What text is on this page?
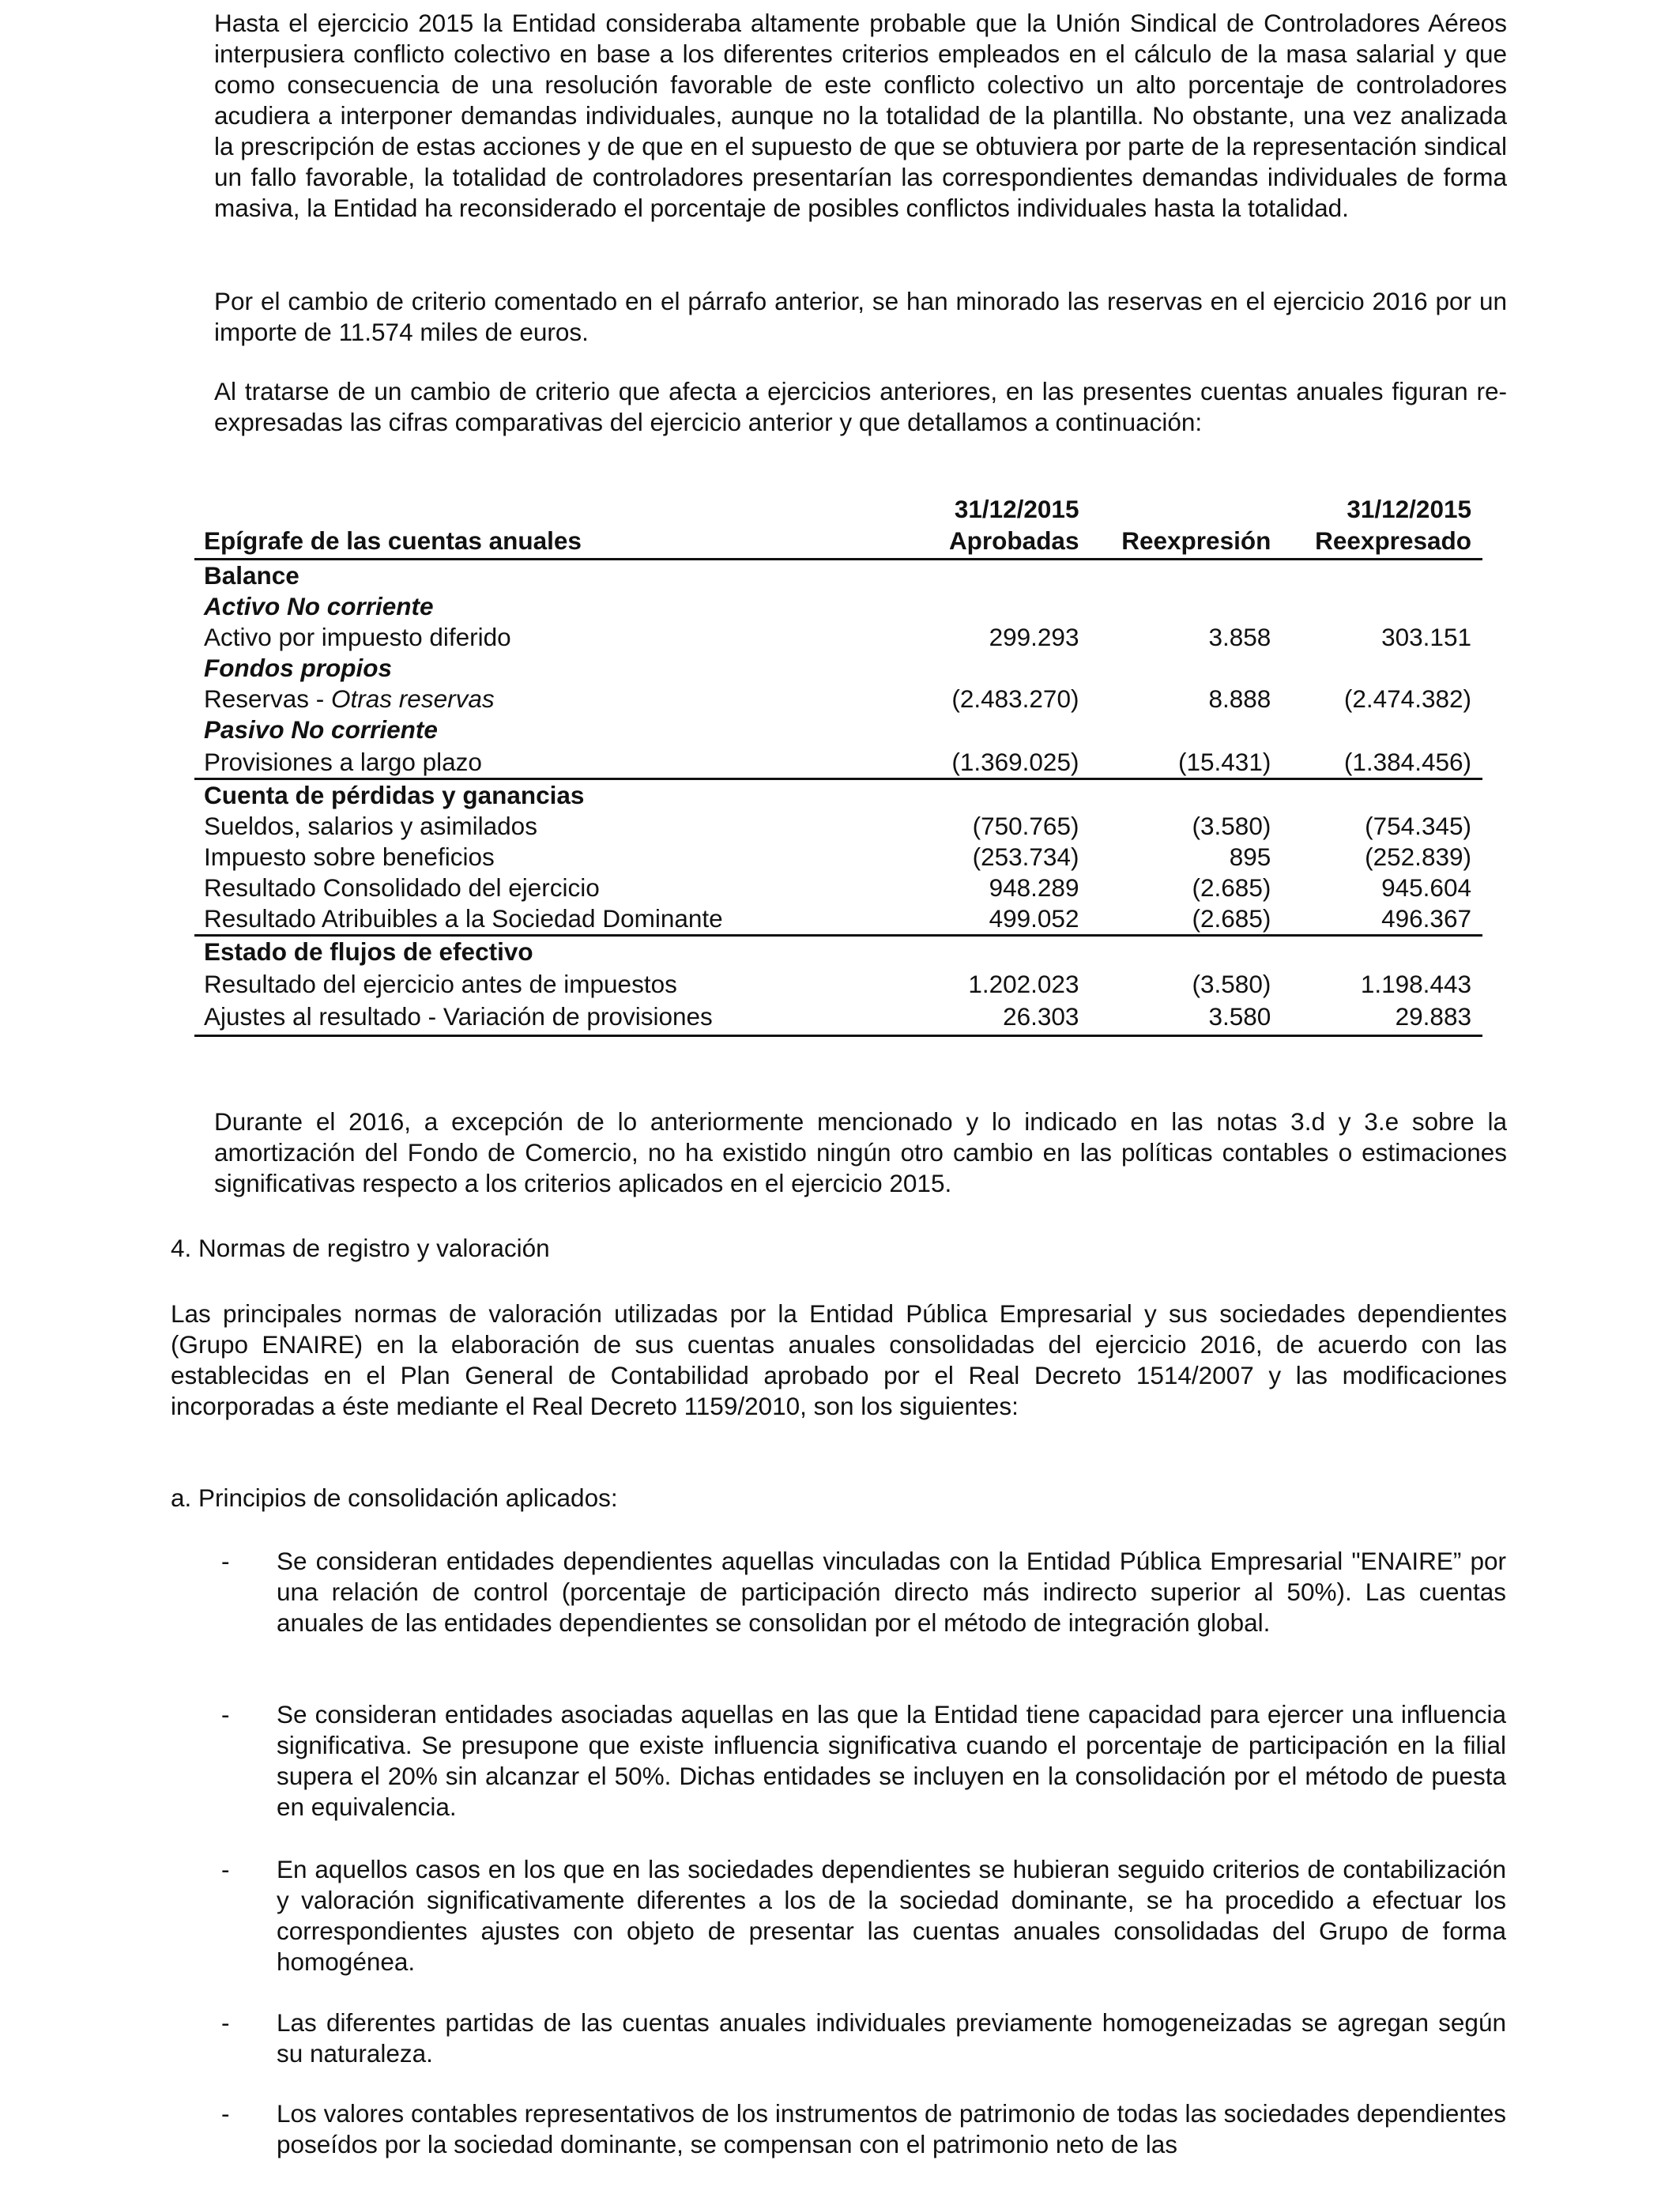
Hasta el ejercicio 2015 la Entidad consideraba altamente probable que la Unión Sindical de Controladores Aéreos interpusiera conflicto colectivo en base a los diferentes criterios empleados en el cálculo de la masa salarial y que como consecuencia de una resolución favorable de este conflicto colectivo un alto porcentaje de controladores acudiera a interponer demandas individuales, aunque no la totalidad de la plantilla. No obstante, una vez analizada la prescripción de estas acciones y de que en el supuesto de que se obtuviera por parte de la representación sindical un fallo favorable, la totalidad de controladores presentarían las correspondientes demandas individuales de forma masiva, la Entidad ha reconsiderado el porcentaje de posibles conflictos individuales hasta la totalidad.

Por el cambio de criterio comentado en el párrafo anterior, se han minorado las reservas en el ejercicio 2016 por un importe de 11.574 miles de euros.

Al tratarse de un cambio de criterio que afecta a ejercicios anteriores, en las presentes cuentas anuales figuran re-expresadas las cifras comparativas del ejercicio anterior y que detallamos a continuación:

	31/12/2015		31/12/2015
Epígrafe de las cuentas anuales	Aprobadas	Reexpresión	Reexpresado
Balance			
Activo No corriente			
Activo por impuesto diferido	299.293	3.858	303.151
Fondos propios			
Reservas - Otras reservas	(2.483.270)	8.888	(2.474.382)
Pasivo No corriente			
Provisiones a largo plazo	(1.369.025)	(15.431)	(1.384.456)
Cuenta de pérdidas y ganancias			
Sueldos, salarios y asimilados	(750.765)	(3.580)	(754.345)
Impuesto sobre beneficios	(253.734)	895	(252.839)
Resultado Consolidado del ejercicio	948.289	(2.685)	945.604
Resultado Atribuibles a la Sociedad Dominante	499.052	(2.685)	496.367
Estado de flujos de efectivo			
Resultado del ejercicio antes de impuestos	1.202.023	(3.580)	1.198.443
Ajustes al resultado - Variación de provisiones	26.303	3.580	29.883

Durante el 2016, a excepción de lo anteriormente mencionado y lo indicado en las notas 3.d y 3.e sobre la amortización del Fondo de Comercio, no ha existido ningún otro cambio en las políticas contables o estimaciones significativas respecto a los criterios aplicados en el ejercicio 2015.

4. Normas de registro y valoración

Las principales normas de valoración utilizadas por la Entidad Pública Empresarial y sus sociedades dependientes (Grupo ENAIRE) en la elaboración de sus cuentas anuales consolidadas del ejercicio 2016, de acuerdo con las establecidas en el Plan General de Contabilidad aprobado por el Real Decreto 1514/2007 y las modificaciones incorporadas a éste mediante el Real Decreto 1159/2010, son los siguientes:

a. Principios de consolidación aplicados:

-	Se consideran entidades dependientes aquellas vinculadas con la Entidad Pública Empresarial "ENAIRE” por una relación de control (porcentaje de participación directo más indirecto superior al 50%). Las cuentas anuales de las entidades dependientes se consolidan por el método de integración global.

-	Se consideran entidades asociadas aquellas en las que la Entidad tiene capacidad para ejercer una influencia significativa. Se presupone que existe influencia significativa cuando el porcentaje de participación en la filial supera el 20% sin alcanzar el 50%. Dichas entidades se incluyen en la consolidación por el método de puesta en equivalencia.

-	En aquellos casos en los que en las sociedades dependientes se hubieran seguido criterios de contabilización y valoración significativamente diferentes a los de la sociedad dominante, se ha procedido a efectuar los correspondientes ajustes con objeto de presentar las cuentas anuales consolidadas del Grupo de forma homogénea.

-	Las diferentes partidas de las cuentas anuales individuales previamente homogeneizadas se agregan según su naturaleza.

-	Los valores contables representativos de los instrumentos de patrimonio de todas las sociedades dependientes poseídos por la sociedad dominante, se compensan con el patrimonio neto de las
